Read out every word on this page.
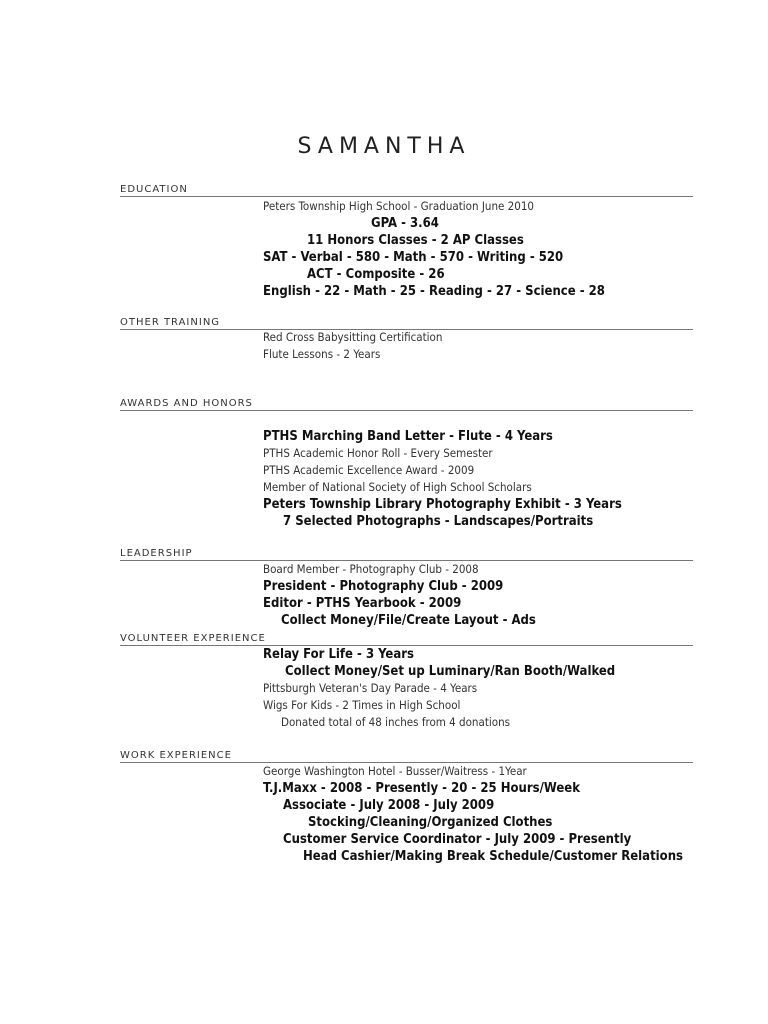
SAMANTHA
EDUCATION
Peters Township High School - Graduation June 2010
GPA - 3.64
11 Honors Classes - 2 AP Classes
SAT - Verbal - 580 - Math - 570 - Writing - 520
ACT - Composite - 26
English - 22 - Math - 25 - Reading - 27 - Science - 28
OTHER TRAINING
Red Cross Babysitting Certification
Flute Lessons - 2 Years
AWARDS AND HONORS
PTHS Marching Band Letter - Flute - 4 Years
PTHS Academic Honor Roll - Every Semester
PTHS Academic Excellence Award - 2009
Member of National Society of High School Scholars
Peters Township Library Photography Exhibit - 3 Years
7 Selected Photographs - Landscapes/Portraits
LEADERSHIP
Board Member - Photography Club - 2008
President - Photography Club - 2009
Editor - PTHS Yearbook - 2009
Collect Money/File/Create Layout - Ads
VOLUNTEER EXPERIENCE
Relay For Life - 3 Years
Collect Money/Set up Luminary/Ran Booth/Walked
Pittsburgh Veteran's Day Parade - 4 Years
Wigs For Kids - 2 Times in High School
Donated total of 48 inches from 4 donations
WORK EXPERIENCE
George Washington Hotel - Busser/Waitress - 1Year
T.J.Maxx - 2008 - Presently - 20 - 25 Hours/Week
Associate - July 2008 - July 2009
Stocking/Cleaning/Organized Clothes
Customer Service Coordinator - July 2009 - Presently
Head Cashier/Making Break Schedule/Customer Relations
